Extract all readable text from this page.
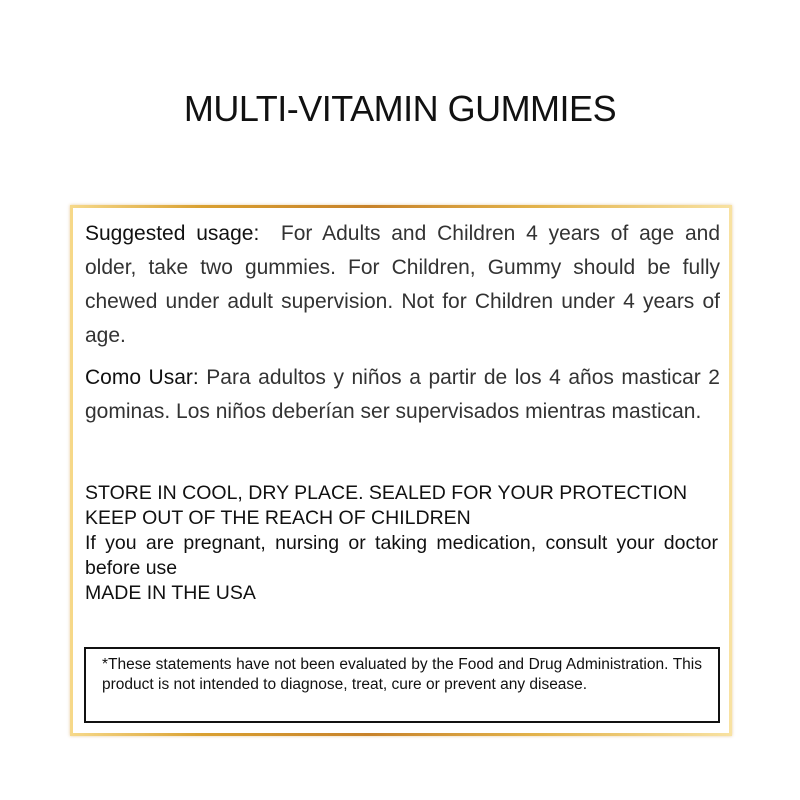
MULTI-VITAMIN GUMMIES

Suggested usage: For Adults and Children 4 years of age and older, take two gummies. For Children, Gummy should be fully chewed under adult supervision. Not for Children under 4 years of age.

Como Usar: Para adultos y niños a partir de los 4 años masticar 2 gominas. Los niños deberían ser supervisados mientras mastican.

STORE IN COOL, DRY PLACE. SEALED FOR YOUR PROTECTION
KEEP OUT OF THE REACH OF CHILDREN
If you are pregnant, nursing or taking medication, consult your doctor before use
MADE IN THE USA
*These statements have not been evaluated by the Food and Drug Administration. This product is not intended to diagnose, treat, cure or prevent any disease.
